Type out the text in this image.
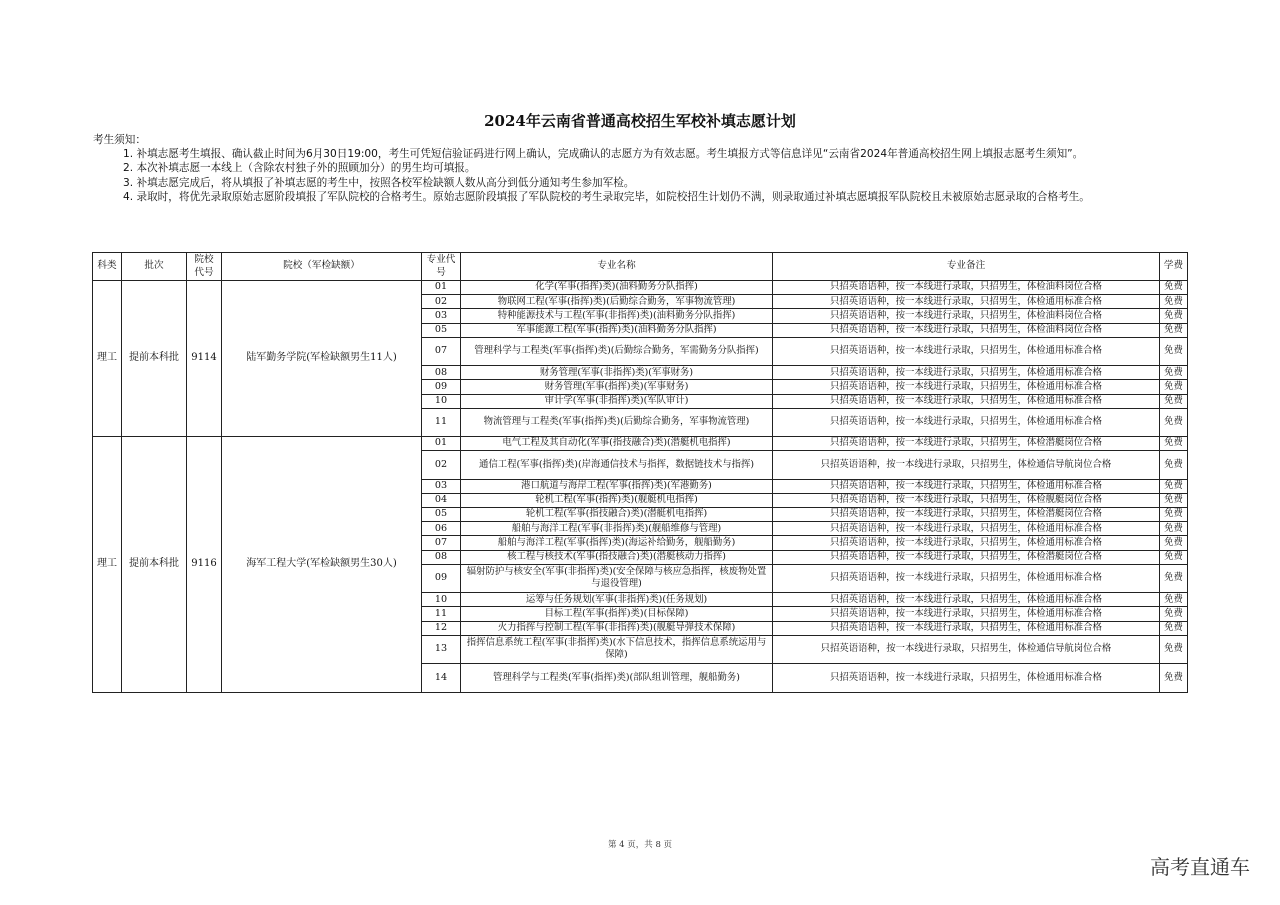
2024年云南省普通高校招生军校补填志愿计划

考生须知：

1. 补填志愿考生填报、确认截止时间为6月30日19:00，考生可凭短信验证码进行网上确认，完成确认的志愿方为有效志愿。考生填报方式等信息详见“云南省2024年普通高校招生网上填报志愿考生须知”。

2. 本次补填志愿一本线上（含除农村独子外的照顾加分）的男生均可填报。

3. 补填志愿完成后，将从填报了补填志愿的考生中，按照各校军检缺额人数从高分到低分通知考生参加军检。

4. 录取时，将优先录取原始志愿阶段填报了军队院校的合格考生。原始志愿阶段填报了军队院校的考生录取完毕，如院校招生计划仍不满，则录取通过补填志愿填报军队院校且未被原始志愿录取的合格考生。

科类	批次	院校代号	院校（军检缺额）	专业代号	专业名称	专业备注	学费
理工	提前本科批	9114	陆军勤务学院(军检缺额男生11人)	01	化学(军事(指挥)类)(油料勤务分队指挥)	只招英语语种，按一本线进行录取，只招男生，体检油料岗位合格	免费
				02	物联网工程(军事(指挥)类)(后勤综合勤务，军事物流管理)	只招英语语种，按一本线进行录取，只招男生，体检通用标准合格	免费
				03	特种能源技术与工程(军事(非指挥)类)(油料勤务分队指挥)	只招英语语种，按一本线进行录取，只招男生，体检油料岗位合格	免费
				05	军事能源工程(军事(指挥)类)(油料勤务分队指挥)	只招英语语种，按一本线进行录取，只招男生，体检油料岗位合格	免费
				07	管理科学与工程类(军事(指挥)类)(后勤综合勤务，军需勤务分队指挥)	只招英语语种，按一本线进行录取，只招男生，体检通用标准合格	免费
				08	财务管理(军事(非指挥)类)(军事财务)	只招英语语种，按一本线进行录取，只招男生，体检通用标准合格	免费
				09	财务管理(军事(指挥)类)(军事财务)	只招英语语种，按一本线进行录取，只招男生，体检通用标准合格	免费
				10	审计学(军事(非指挥)类)(军队审计)	只招英语语种，按一本线进行录取，只招男生，体检通用标准合格	免费
				11	物流管理与工程类(军事(指挥)类)(后勤综合勤务，军事物流管理)	只招英语语种，按一本线进行录取，只招男生，体检通用标准合格	免费
理工	提前本科批	9116	海军工程大学(军检缺额男生30人)	01	电气工程及其自动化(军事(指技融合)类)(潜艇机电指挥)	只招英语语种，按一本线进行录取，只招男生，体检潜艇岗位合格	免费
				02	通信工程(军事(指挥)类)(岸海通信技术与指挥，数据链技术与指挥)	只招英语语种，按一本线进行录取，只招男生，体检通信导航岗位合格	免费
				03	港口航道与海岸工程(军事(指挥)类)(军港勤务)	只招英语语种，按一本线进行录取，只招男生，体检通用标准合格	免费
				04	轮机工程(军事(指挥)类)(舰艇机电指挥)	只招英语语种，按一本线进行录取，只招男生，体检舰艇岗位合格	免费
				05	轮机工程(军事(指技融合)类)(潜艇机电指挥)	只招英语语种，按一本线进行录取，只招男生，体检潜艇岗位合格	免费
				06	船舶与海洋工程(军事(非指挥)类)(舰船维修与管理)	只招英语语种，按一本线进行录取，只招男生，体检通用标准合格	免费
				07	船舶与海洋工程(军事(指挥)类)(海运补给勤务，舰船勤务)	只招英语语种，按一本线进行录取，只招男生，体检通用标准合格	免费
				08	核工程与核技术(军事(指技融合)类)(潜艇核动力指挥)	只招英语语种，按一本线进行录取，只招男生，体检潜艇岗位合格	免费
				09	辐射防护与核安全(军事(非指挥)类)(安全保障与核应急指挥，核废物处置与退役管理)	只招英语语种，按一本线进行录取，只招男生，体检通用标准合格	免费
				10	运筹与任务规划(军事(非指挥)类)(任务规划)	只招英语语种，按一本线进行录取，只招男生，体检通用标准合格	免费
				11	目标工程(军事(指挥)类)(目标保障)	只招英语语种，按一本线进行录取，只招男生，体检通用标准合格	免费
				12	火力指挥与控制工程(军事(非指挥)类)(舰艇导弹技术保障)	只招英语语种，按一本线进行录取，只招男生，体检通用标准合格	免费
				13	指挥信息系统工程(军事(非指挥)类)(水下信息技术，指挥信息系统运用与保障)	只招英语语种，按一本线进行录取，只招男生，体检通信导航岗位合格	免费
				14	管理科学与工程类(军事(指挥)类)(部队组训管理，舰船勤务)	只招英语语种，按一本线进行录取，只招男生，体检通用标准合格	免费
第 4 页，共 8 页
高考直通车
